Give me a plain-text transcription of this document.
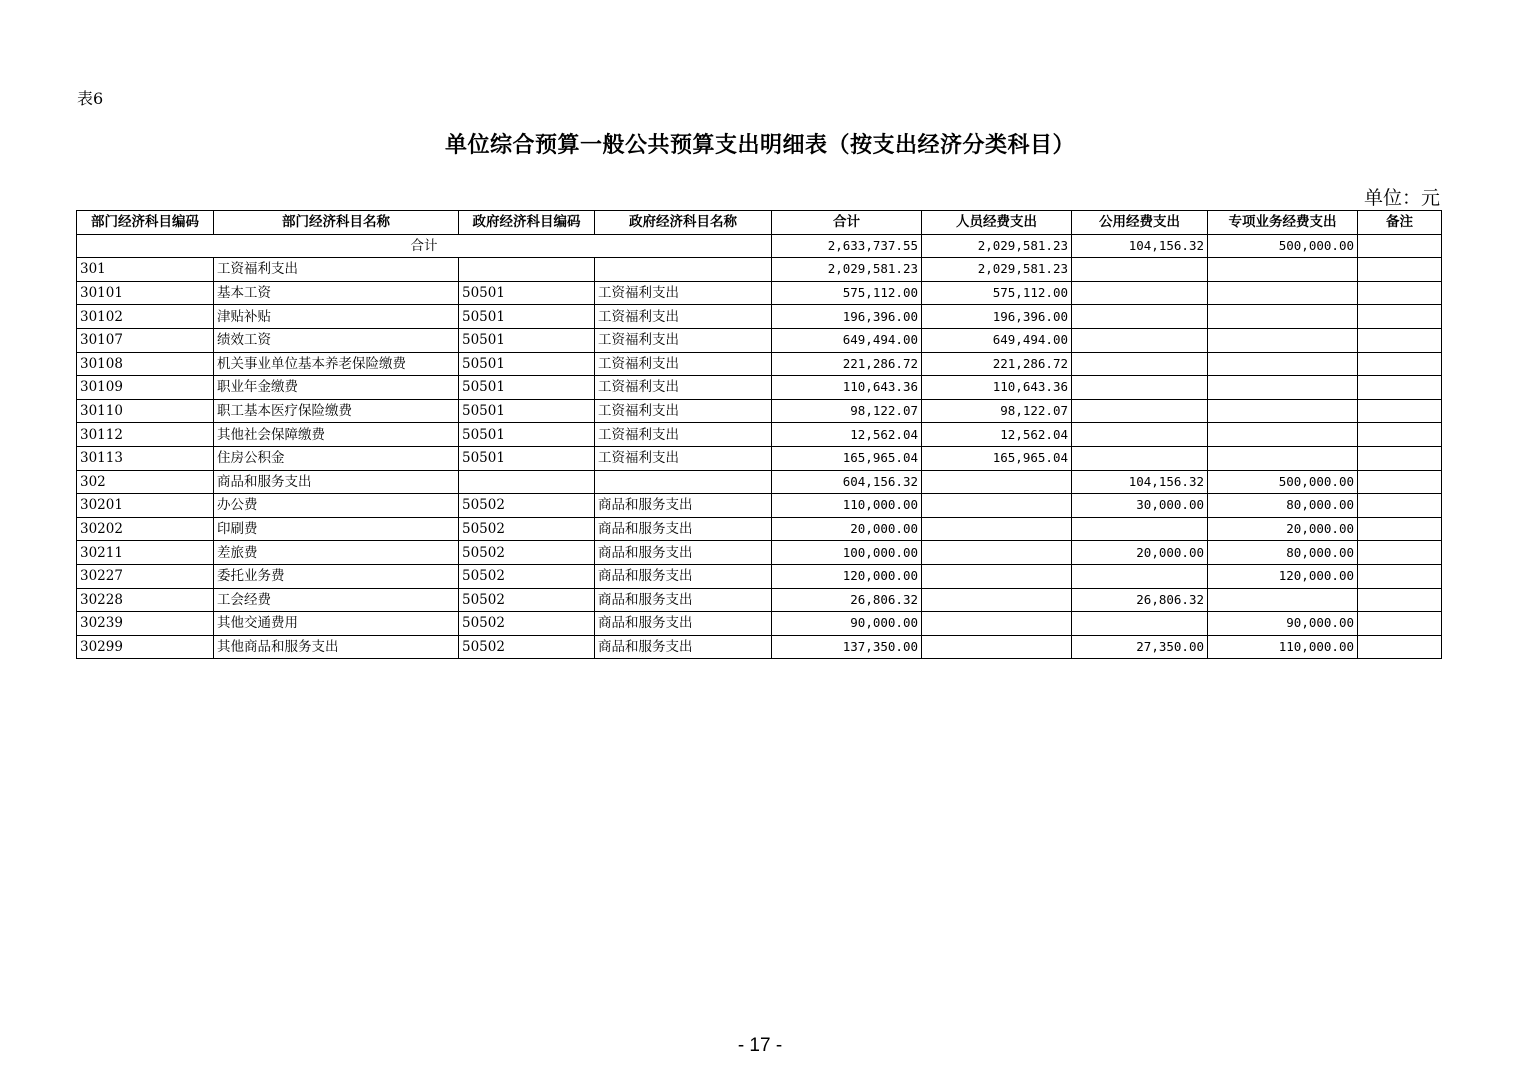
表6
单位综合预算一般公共预算支出明细表（按支出经济分类科目）
单位：元
部门经济科目编码	部门经济科目名称	政府经济科目编码	政府经济科目名称	合计	人员经费支出	公用经费支出	专项业务经费支出	备注
合计				2,633,737.55	2,029,581.23	104,156.32	500,000.00	
301	工资福利支出			2,029,581.23	2,029,581.23			
30101	基本工资	50501	工资福利支出	575,112.00	575,112.00			
30102	津贴补贴	50501	工资福利支出	196,396.00	196,396.00			
30107	绩效工资	50501	工资福利支出	649,494.00	649,494.00			
30108	机关事业单位基本养老保险缴费	50501	工资福利支出	221,286.72	221,286.72			
30109	职业年金缴费	50501	工资福利支出	110,643.36	110,643.36			
30110	职工基本医疗保险缴费	50501	工资福利支出	98,122.07	98,122.07			
30112	其他社会保障缴费	50501	工资福利支出	12,562.04	12,562.04			
30113	住房公积金	50501	工资福利支出	165,965.04	165,965.04			
302	商品和服务支出			604,156.32		104,156.32	500,000.00	
30201	办公费	50502	商品和服务支出	110,000.00		30,000.00	80,000.00	
30202	印刷费	50502	商品和服务支出	20,000.00			20,000.00	
30211	差旅费	50502	商品和服务支出	100,000.00		20,000.00	80,000.00	
30227	委托业务费	50502	商品和服务支出	120,000.00			120,000.00	
30228	工会经费	50502	商品和服务支出	26,806.32		26,806.32		
30239	其他交通费用	50502	商品和服务支出	90,000.00			90,000.00	
30299	其他商品和服务支出	50502	商品和服务支出	137,350.00		27,350.00	110,000.00	
- 17 -
